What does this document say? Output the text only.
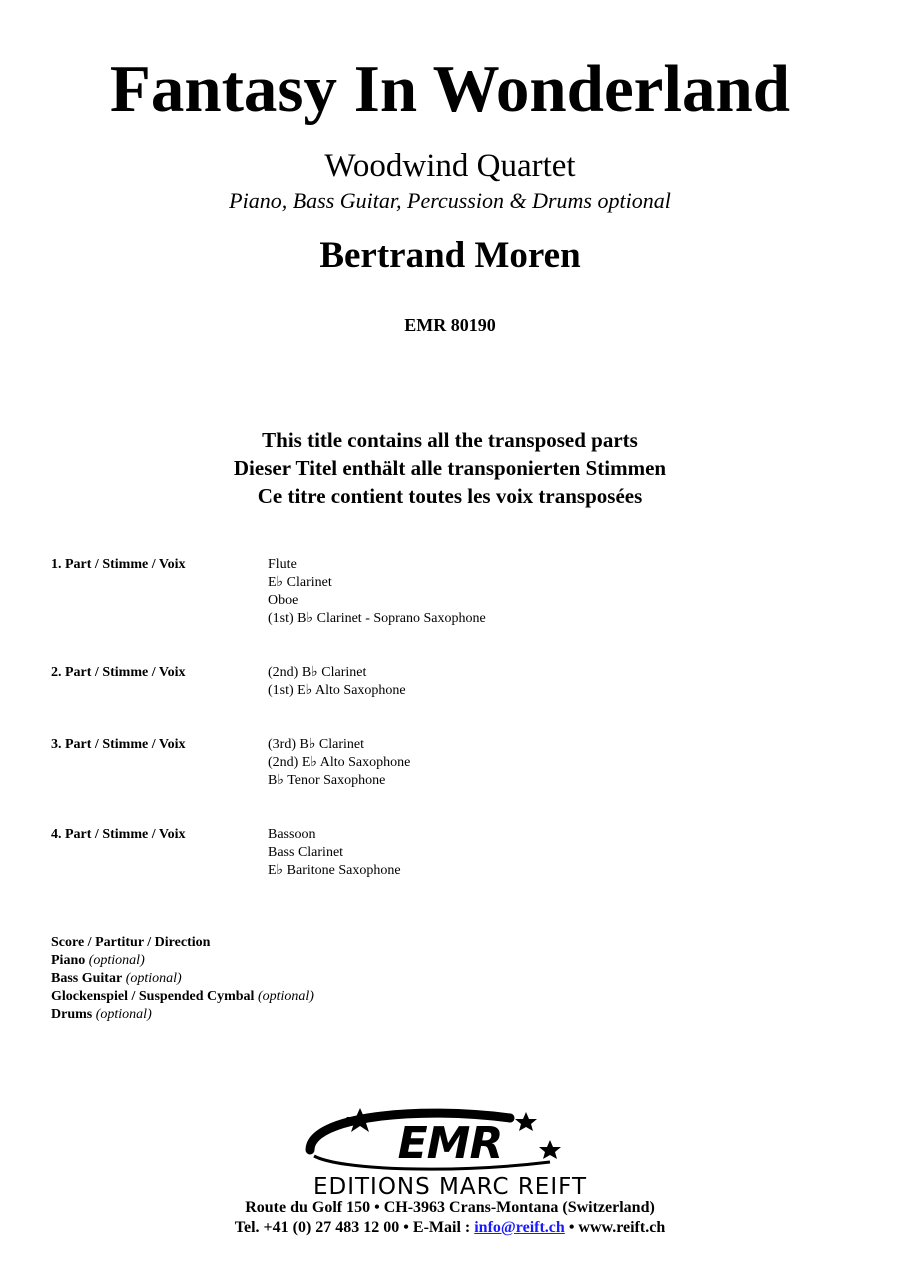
Fantasy In Wonderland
Woodwind Quartet
Piano, Bass Guitar, Percussion & Drums optional
Bertrand Moren
EMR 80190
This title contains all the transposed parts
Dieser Titel enthält alle transponierten Stimmen
Ce titre contient toutes les voix transposées
1. Part / Stimme / Voix	Flute
E♭ Clarinet
Oboe
(1st) B♭ Clarinet - Soprano Saxophone
2. Part / Stimme / Voix	(2nd) B♭ Clarinet
(1st) E♭ Alto Saxophone
3. Part / Stimme / Voix	(3rd) B♭ Clarinet
(2nd) E♭ Alto Saxophone
B♭ Tenor Saxophone
4. Part / Stimme / Voix	Bassoon
Bass Clarinet
E♭ Baritone Saxophone
Score / Partitur / Direction
Piano (optional)
Bass Guitar (optional)
Glockenspiel / Suspended Cymbal (optional)
Drums (optional)
EMR
EDITIONS MARC REIFT
Route du Golf 150 • CH-3963 Crans-Montana (Switzerland)
Tel. +41 (0) 27 483 12 00 • E-Mail : info@reift.ch • www.reift.ch
